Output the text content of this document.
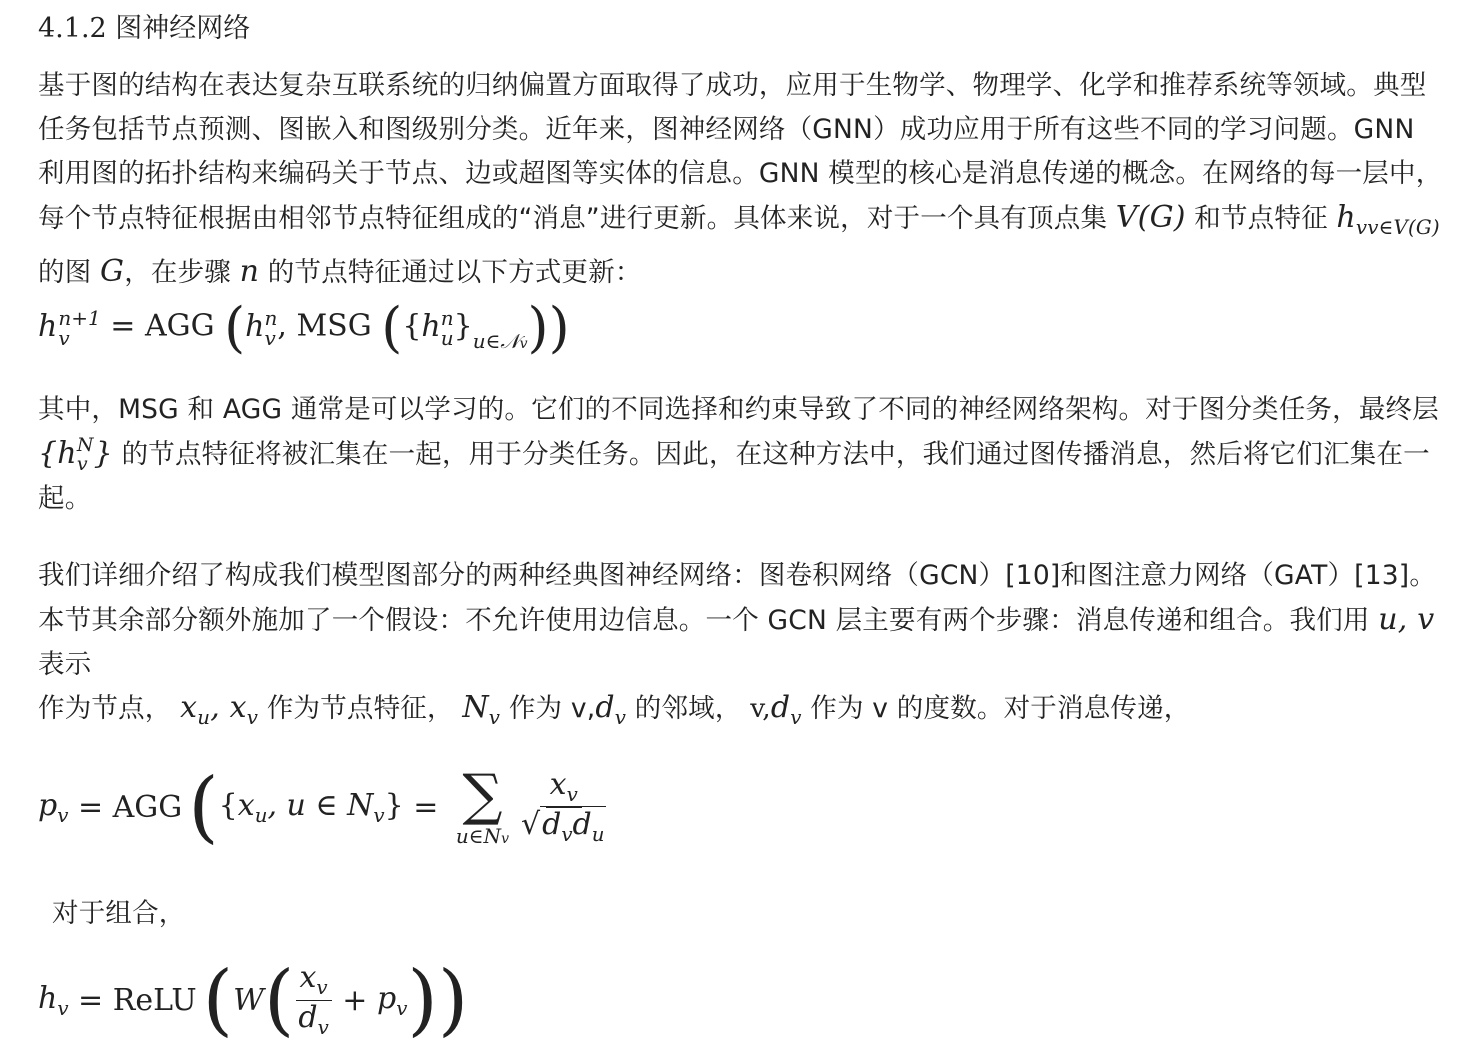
4.1.2 图神经网络

基于图的结构在表达复杂互联系统的归纳偏置方面取得了成功，应用于生物学、物理学、化学和推荐系统等领域。典型任务包括节点预测、图嵌入和图级别分类。近年来，图神经网络（GNN）成功应用于所有这些不同的学习问题。GNN 利用图的拓扑结构来编码关于节点、边或超图等实体的信息。GNN 模型的核心是消息传递的概念。在网络的每一层中，每个节点特征根据由相邻节点特征组成的“消息”进行更新。具体来说，对于一个具有顶点集 V(G) 和节点特征 $h_{vv\in V(G)}$ 的图 G，在步骤 n 的节点特征通过以下方式更新：

h n+1
v	= AGG (h n
v , MSG ({h n
u }$_{u\in 𝒩v}$))

其中，MSG 和 AGG 通常是可以学习的。它们的不同选择和约束导致了不同的神经网络架构。对于图分类任务，最终层 {h N
v } 的节点特征将被汇集在一起，用于分类任务。因此，在这种方法中，我们通过图传播消息，然后将它们汇集在一起。

我们详细介绍了构成我们模型图部分的两种经典图神经网络：图卷积网络（GCN）[10]和图注意力网络（GAT）[13]。本节其余部分额外施加了一个假设：不允许使用边信息。一个 GCN 层主要有两个步骤：消息传递和组合。我们用 u, v 表示

作为节点， $x_u$, $x_v$ 作为节点特征， $N_v$ 作为 $v,d_v$ 的邻域， $v,d_v$ 作为 v 的度数。对于消息传递，

$p_v$ = AGG ( {$x_u$, u ∈ $N_v$} = ∑
u∈Nv $\frac{x_v}{√d_vd_u}$

对于组合，

$h_v$ = ReLU ( W ( $\frac{x_v}{d_v} + p_v$ ))
